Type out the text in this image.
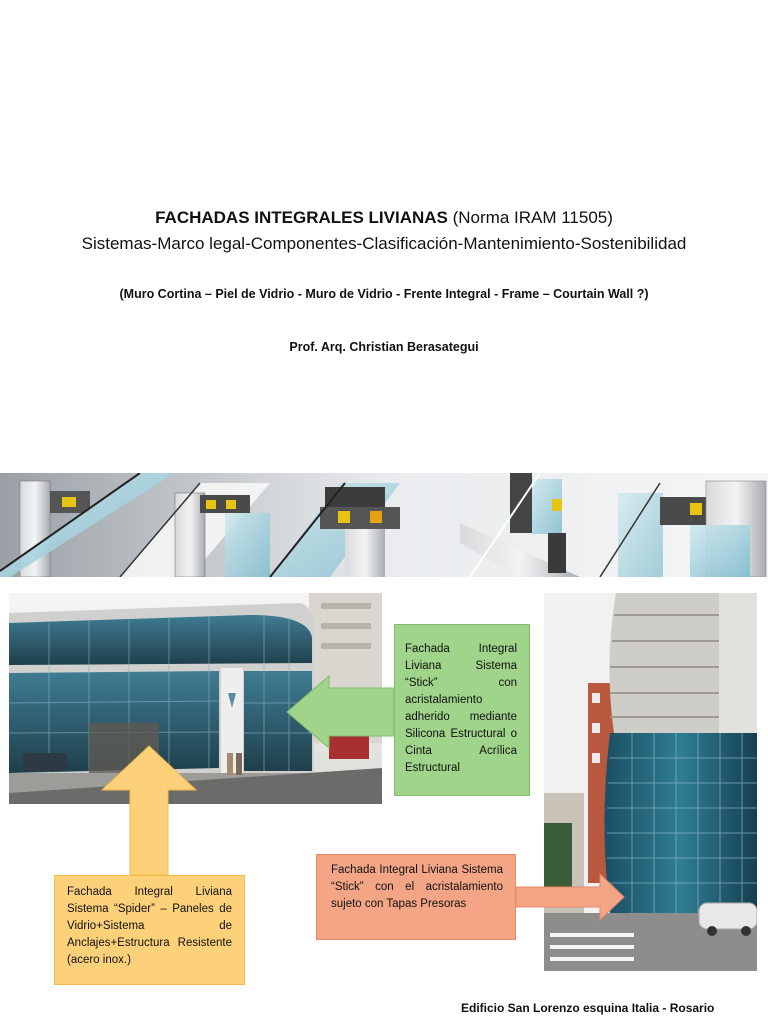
FACHADAS INTEGRALES LIVIANAS (Norma IRAM 11505)
Sistemas-Marco legal-Componentes-Clasificación-Mantenimiento-Sostenibilidad
(Muro Cortina – Piel de Vidrio - Muro de Vidrio - Frente Integral - Frame – Courtain Wall ?)
Prof. Arq. Christian Berasategui
Fachada Integral Liviana Sistema “Stick” con acristalamiento adherido mediante Silicona Estructural o Cinta Acrílica Estructural
Fachada Integral Liviana Sistema “Spider” – Paneles de Vidrio+Sistema de Anclajes+Estructura Resistente (acero inox.)
Fachada Integral Liviana Sistema “Stick” con el acristalamiento sujeto con Tapas Presoras
Edificio San Lorenzo esquina Italia - Rosario
